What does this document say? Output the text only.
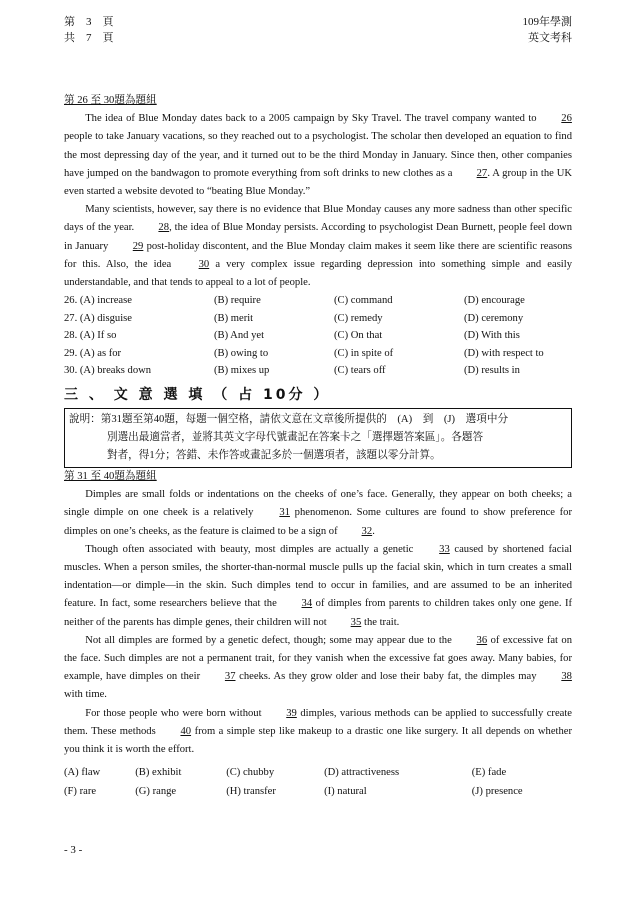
第　3　頁
共　7　頁
109年學測
英文考科
第 26 至 30題為題組

The idea of Blue Monday dates back to a 2005 campaign by Sky Travel. The travel company wanted to 26 people to take January vacations, so they reached out to a psychologist. The scholar then developed an equation to find the most depressing day of the year, and it turned out to be the third Monday in January. Since then, other companies have jumped on the bandwagon to promote everything from soft drinks to new clothes as a 27. A group in the UK even started a website devoted to “beating Blue Monday.”

Many scientists, however, say there is no evidence that Blue Monday causes any more sadness than other specific days of the year. 28, the idea of Blue Monday persists. According to psychologist Dean Burnett, people feel down in January 29 post-holiday discontent, and the Blue Monday claim makes it seem like there are scientific reasons for this. Also, the idea 30 a very complex issue regarding depression into something simple and easily understandable, and that tends to appeal to a lot of people.

26. (A) increase	(B) require	(C) command	(D) encourage
27. (A) disguise	(B) merit	(C) remedy	(D) ceremony
28. (A) If so	(B) And yet	(C) On that	(D) With this
29. (A) as for	(B) owing to	(C) in spite of	(D) with respect to
30. (A) breaks down	(B) mixes up	(C) tears off	(D) results in
三 、 文 意 選 填 （ 占 10分 ）
說明：第31題至第40題，每題一個空格，請依文意在文章後所提供的　(A)　到　(J)　選項中分
別選出最適當者，並將其英文字母代號畫記在答案卡之「選擇題答案區」。各題答
對者，得1分；答錯、未作答或畫記多於一個選項者，該題以零分計算。
第 31 至 40題為題組

Dimples are small folds or indentations on the cheeks of one’s face. Generally, they appear on both cheeks; a single dimple on one cheek is a relatively 31 phenomenon. Some cultures are found to show preference for dimples on one’s cheeks, as the feature is claimed to be a sign of 32.

Though often associated with beauty, most dimples are actually a genetic 33 caused by shortened facial muscles. When a person smiles, the shorter-than-normal muscle pulls up the facial skin, which in turn creates a small indentation—or dimple—in the skin. Such dimples tend to occur in families, and are assumed to be an inherited feature. In fact, some researchers believe that the 34 of dimples from parents to children takes only one gene. If neither of the parents has dimple genes, their children will not 35 the trait.

Not all dimples are formed by a genetic defect, though; some may appear due to the 36 of excessive fat on the face. Such dimples are not a permanent trait, for they vanish when the excessive fat goes away. Many babies, for example, have dimples on their 37 cheeks. As they grow older and lose their baby fat, the dimples may 38 with time.

For those people who were born without 39 dimples, various methods can be applied to successfully create them. These methods 40 from a simple step like makeup to a drastic one like surgery. It all depends on whether you think it is worth the effort.

(A) flaw	(B) exhibit	(C) chubby	(D) attractiveness	(E) fade
(F) rare	(G) range	(H) transfer	(I) natural	(J) presence
- 3 -
